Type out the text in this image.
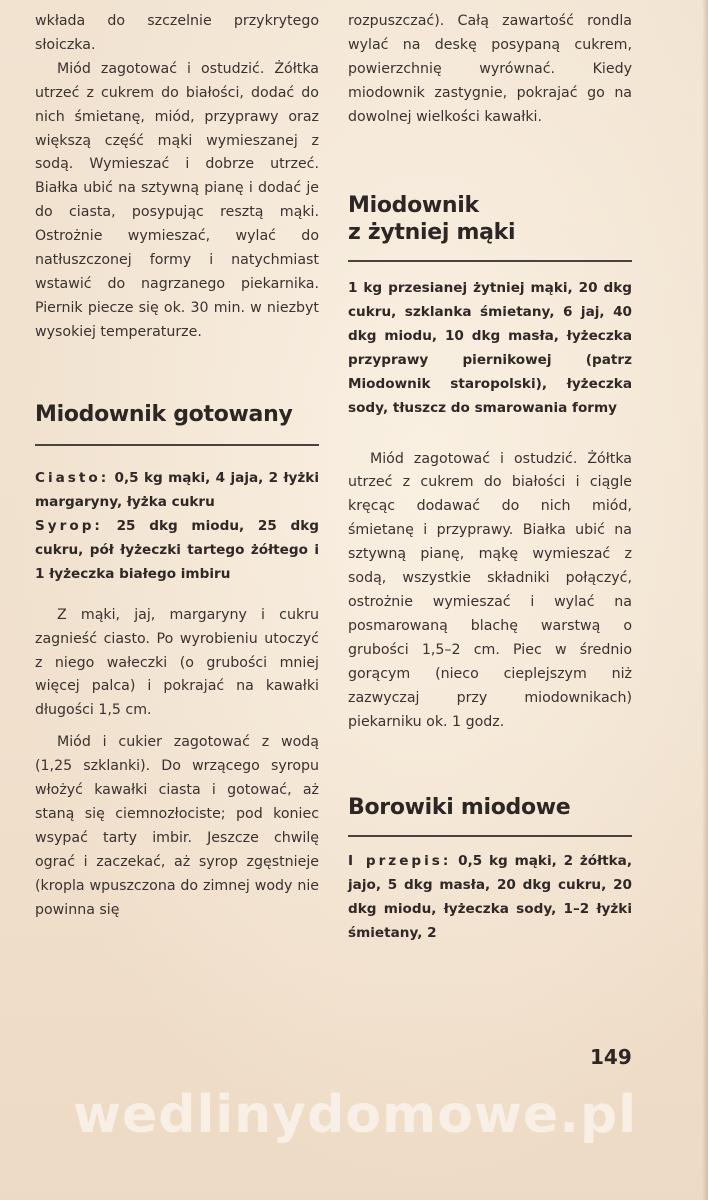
wkłada do szczelnie przykrytego słoiczka.

Miód zagotować i ostudzić. Żółtka utrzeć z cukrem do białości, dodać do nich śmietanę, miód, przyprawy oraz większą część mąki wymieszanej z sodą. Wymieszać i dobrze utrzeć. Białka ubić na sztywną pianę i dodać je do ciasta, posypując resztą mąki. Ostrożnie wymieszać, wylać do natłuszczonej formy i natychmiast wstawić do nagrzanego piekarnika. Piernik piecze się ok. 30 min. w niezbyt wysokiej temperaturze.

Miodownik gotowany

Ciasto: 0,5 kg mąki, 4 jaja, 2 łyżki margaryny, łyżka cukru

Syrop: 25 dkg miodu, 25 dkg cukru, pół łyżeczki tartego żółtego i 1 łyżeczka białego imbiru

Z mąki, jaj, margaryny i cukru zagnieść ciasto. Po wyrobieniu utoczyć z niego wałeczki (o grubości mniej więcej palca) i pokrajać na kawałki długości 1,5 cm.

Miód i cukier zagotować z wodą (1,25 szklanki). Do wrzącego syropu włożyć kawałki ciasta i gotować, aż staną się ciemnozłociste; pod koniec wsypać tarty imbir. Jeszcze chwilę ograć i zaczekać, aż syrop zgęstnieje (kropla wpuszczona do zimnej wody nie powinna się

rozpuszczać). Całą zawartość rondla wylać na deskę posypaną cukrem, powierzchnię wyrównać. Kiedy miodownik zastygnie, pokrajać go na dowolnej wielkości kawałki.

Miodownik
z żytniej mąki

1 kg przesianej żytniej mąki, 20 dkg cukru, szklanka śmietany, 6 jaj, 40 dkg miodu, 10 dkg masła, łyżeczka przyprawy piernikowej (patrz Miodownik staropolski), łyżeczka sody, tłuszcz do smarowania formy

Miód zagotować i ostudzić. Żółtka utrzeć z cukrem do białości i ciągle kręcąc dodawać do nich miód, śmietanę i przyprawy. Białka ubić na sztywną pianę, mąkę wymieszać z sodą, wszystkie składniki połączyć, ostrożnie wymieszać i wylać na posmarowaną blachę warstwą o grubości 1,5–2 cm. Piec w średnio gorącym (nieco cieplejszym niż zazwyczaj przy miodownikach) piekarniku ok. 1 godz.

Borowiki miodowe

I przepis: 0,5 kg mąki, 2 żółtka, jajo, 5 dkg masła, 20 dkg cukru, 20 dkg miodu, łyżeczka sody, 1–2 łyżki śmietany, 2

149
wedlinydomowe.pl
